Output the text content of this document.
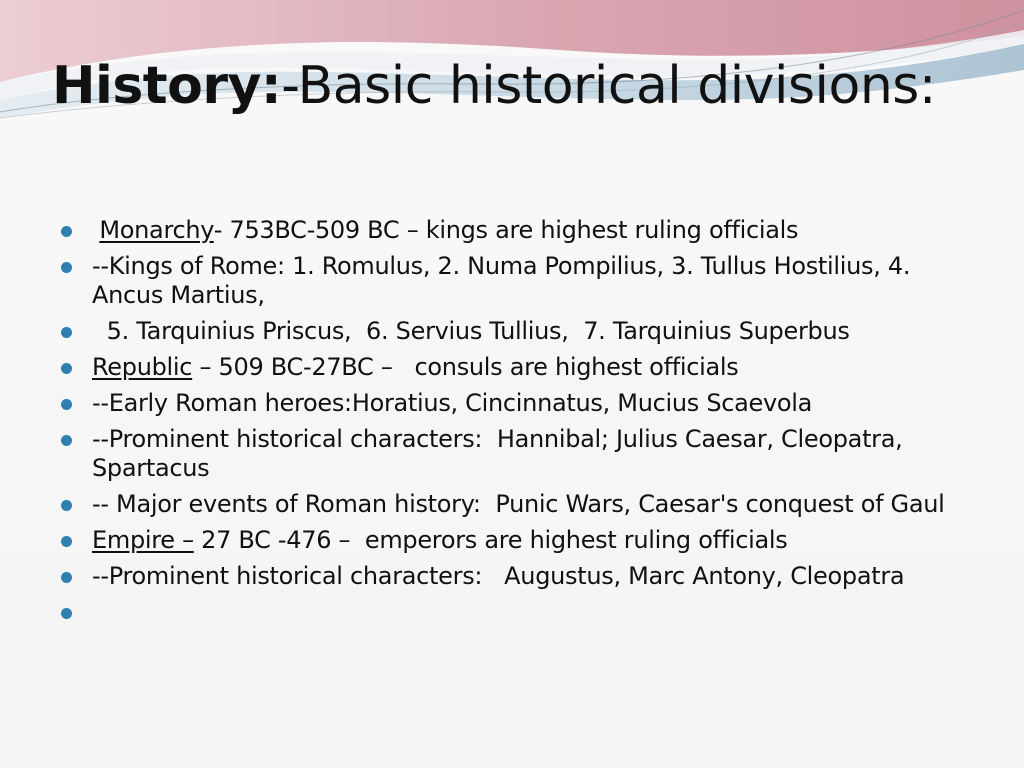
History:-Basic historical divisions:
Monarchy- 753BC-509 BC – kings are highest ruling officials
--Kings of Rome: 1. Romulus, 2. Numa Pompilius, 3. Tullus Hostilius, 4. Ancus Martius,
5. Tarquinius Priscus,  6. Servius Tullius,  7. Tarquinius Superbus
Republic – 509 BC-27BC –   consuls are highest officials
--Early Roman heroes:Horatius, Cincinnatus, Mucius Scaevola
--Prominent historical characters:  Hannibal; Julius Caesar, Cleopatra, Spartacus
-- Major events of Roman history:  Punic Wars, Caesar's conquest of Gaul
Empire – 27 BC -476 –  emperors are highest ruling officials
--Prominent historical characters:   Augustus, Marc Antony, Cleopatra
